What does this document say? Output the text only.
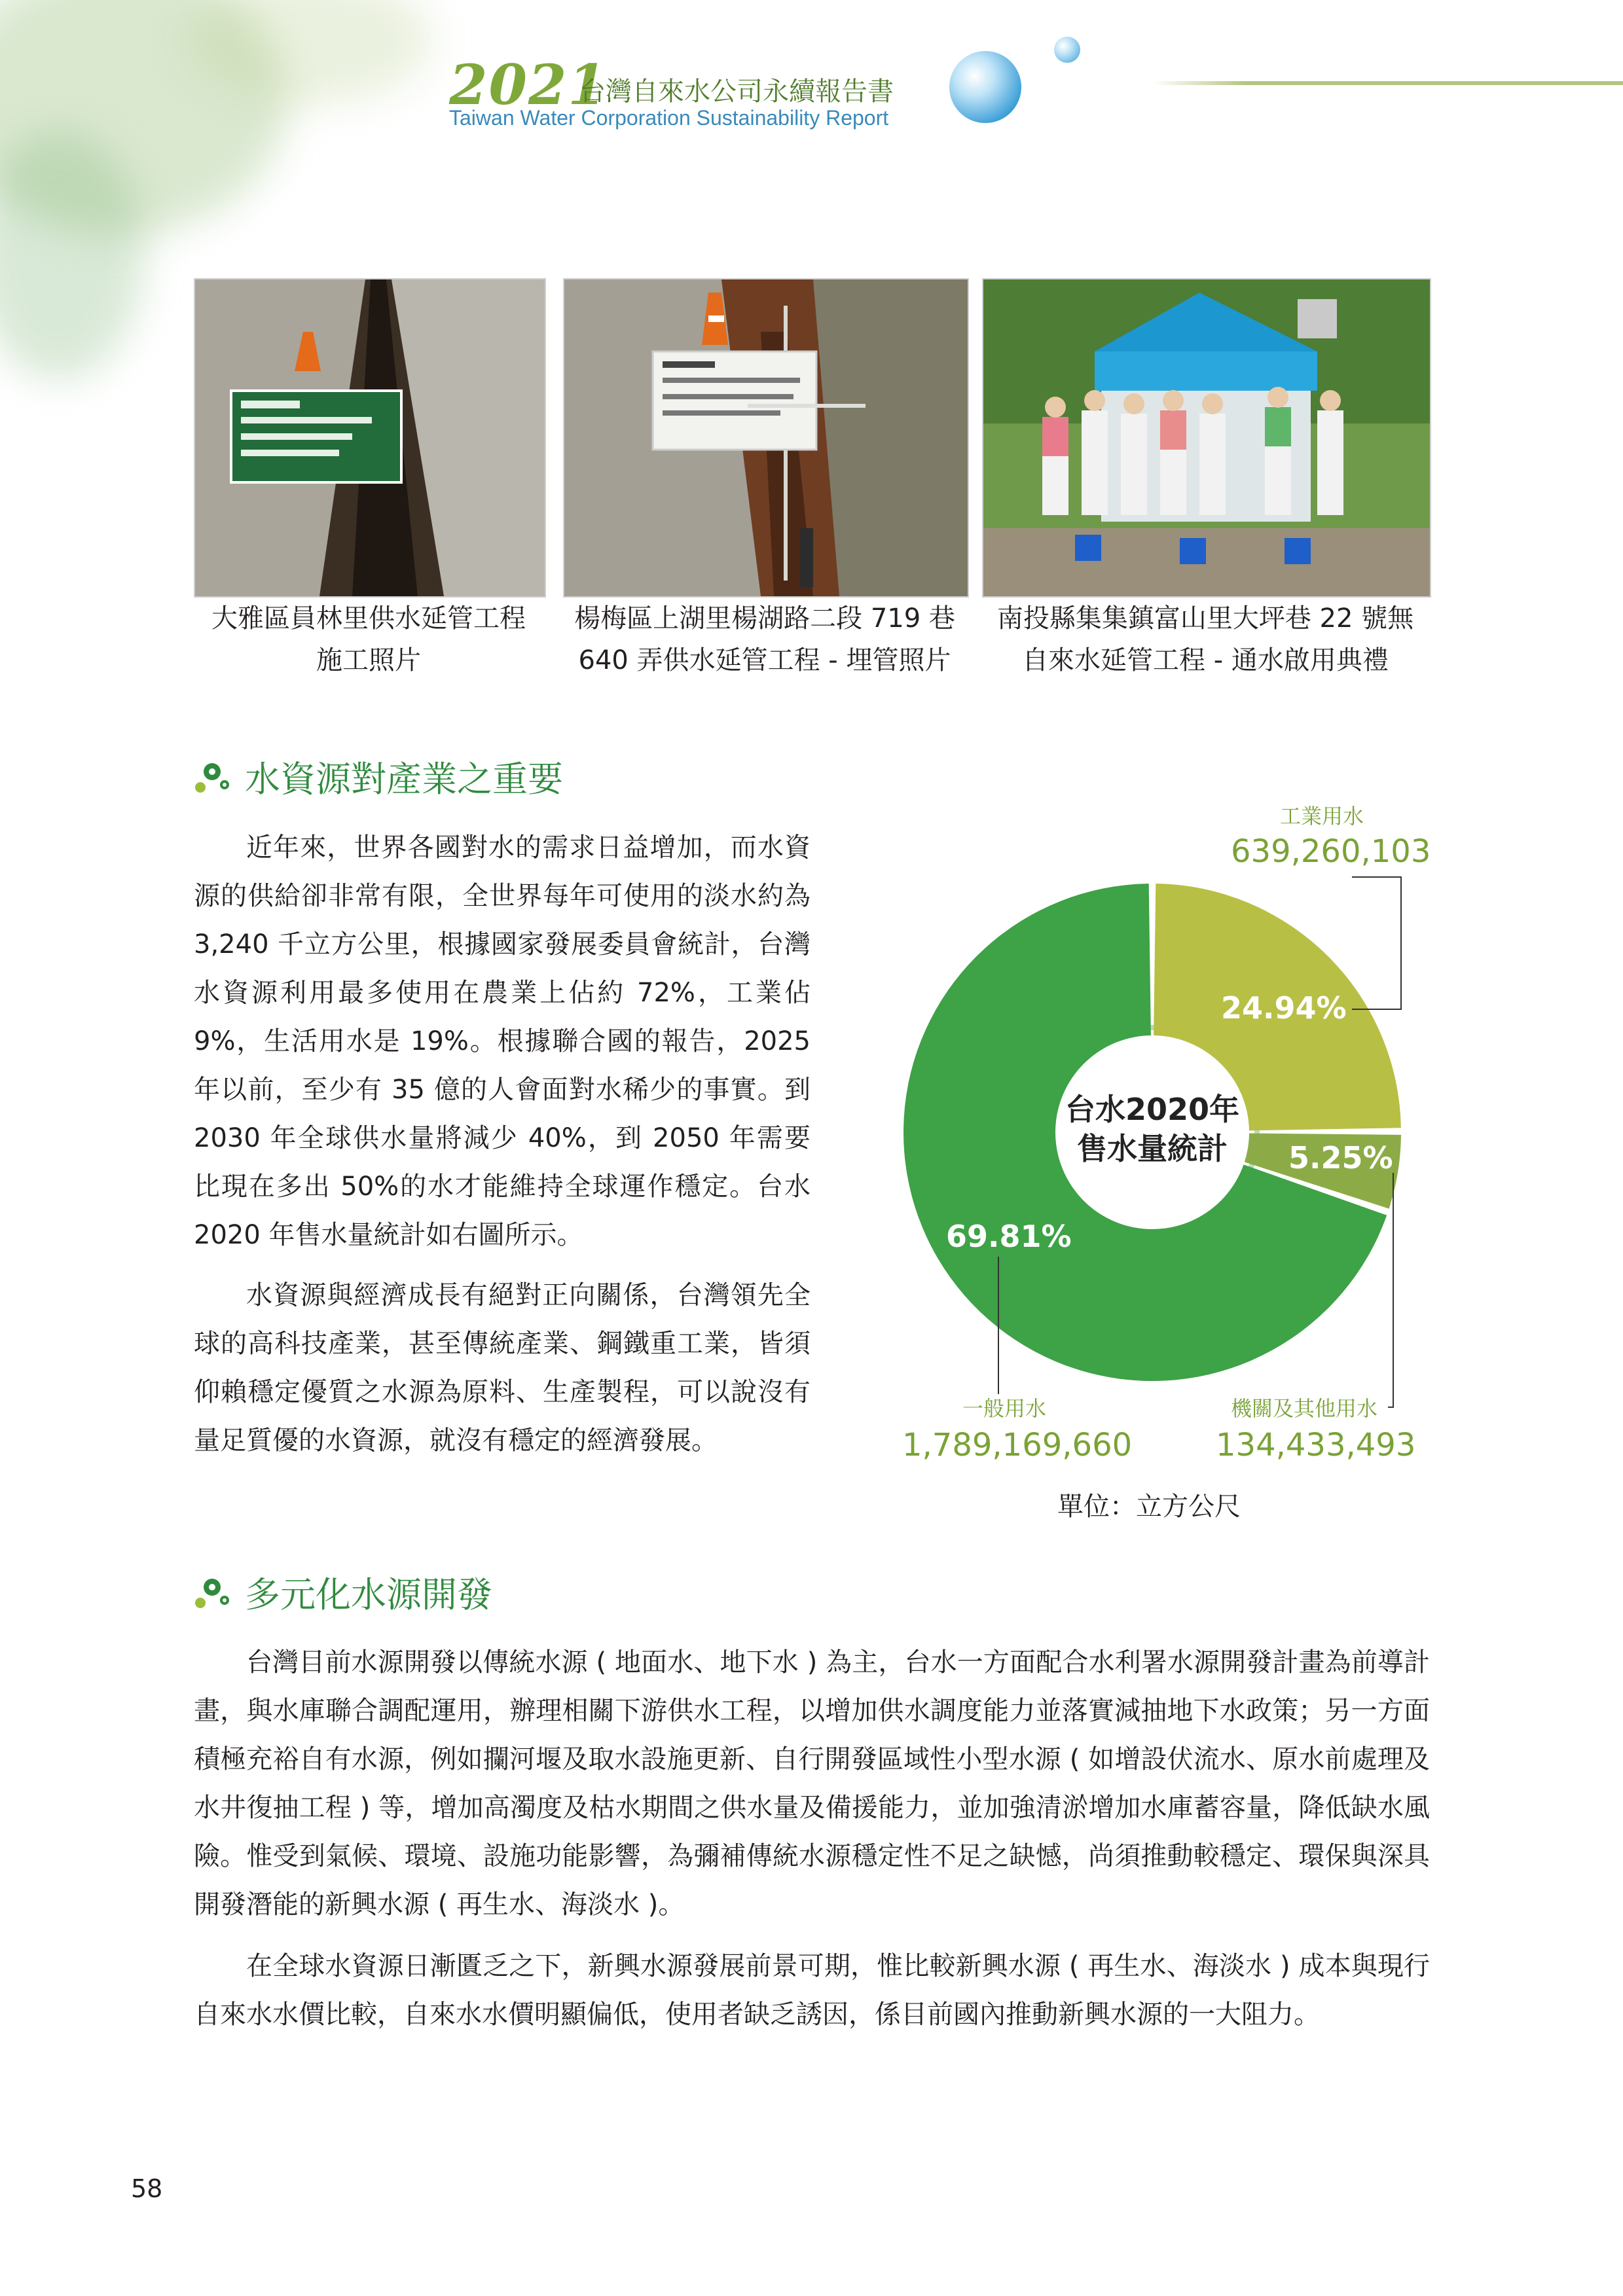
2021
台灣自來水公司永續報告書
Taiwan Water Corporation Sustainability Report
大雅區員林里供水延管工程
施工照片
楊梅區上湖里楊湖路二段 719 巷
640 弄供水延管工程 - 埋管照片
南投縣集集鎮富山里大坪巷 22 號無
自來水延管工程 - 通水啟用典禮
水資源對產業之重要

近年來，世界各國對水的需求日益增加，而水資源的供給卻非常有限，全世界每年可使用的淡水約為 3,240 千立方公里，根據國家發展委員會統計，台灣水資源利用最多使用在農業上佔約 72%，工業佔 9%，生活用水是 19%。根據聯合國的報告，2025 年以前，至少有 35 億的人會面對水稀少的事實。到 2030 年全球供水量將減少 40%，到 2050 年需要比現在多出 50%的水才能維持全球運作穩定。台水 2020 年售水量統計如右圖所示。

水資源與經濟成長有絕對正向關係，台灣領先全球的高科技產業，甚至傳統產業、鋼鐵重工業，皆須仰賴穩定優質之水源為原料、生產製程，可以說沒有量足質優的水資源，就沒有穩定的經濟發展。

台水2020年
售水量統計
24.94%
5.25%
69.81%
工業用水
639,260,103
一般用水
1,789,169,660
機關及其他用水
134,433,493
單位：立方公尺
多元化水源開發

台灣目前水源開發以傳統水源 ( 地面水、地下水 ) 為主，台水一方面配合水利署水源開發計畫為前導計畫，與水庫聯合調配運用，辦理相關下游供水工程，以增加供水調度能力並落實減抽地下水政策；另一方面積極充裕自有水源，例如攔河堰及取水設施更新、自行開發區域性小型水源 ( 如增設伏流水、原水前處理及水井復抽工程 ) 等，增加高濁度及枯水期間之供水量及備援能力，並加強清淤增加水庫蓄容量，降低缺水風險。惟受到氣候、環境、設施功能影響，為彌補傳統水源穩定性不足之缺憾，尚須推動較穩定、環保與深具開發潛能的新興水源 ( 再生水、海淡水 )。

在全球水資源日漸匱乏之下，新興水源發展前景可期，惟比較新興水源 ( 再生水、海淡水 ) 成本與現行自來水水價比較，自來水水價明顯偏低，使用者缺乏誘因，係目前國內推動新興水源的一大阻力。

58
